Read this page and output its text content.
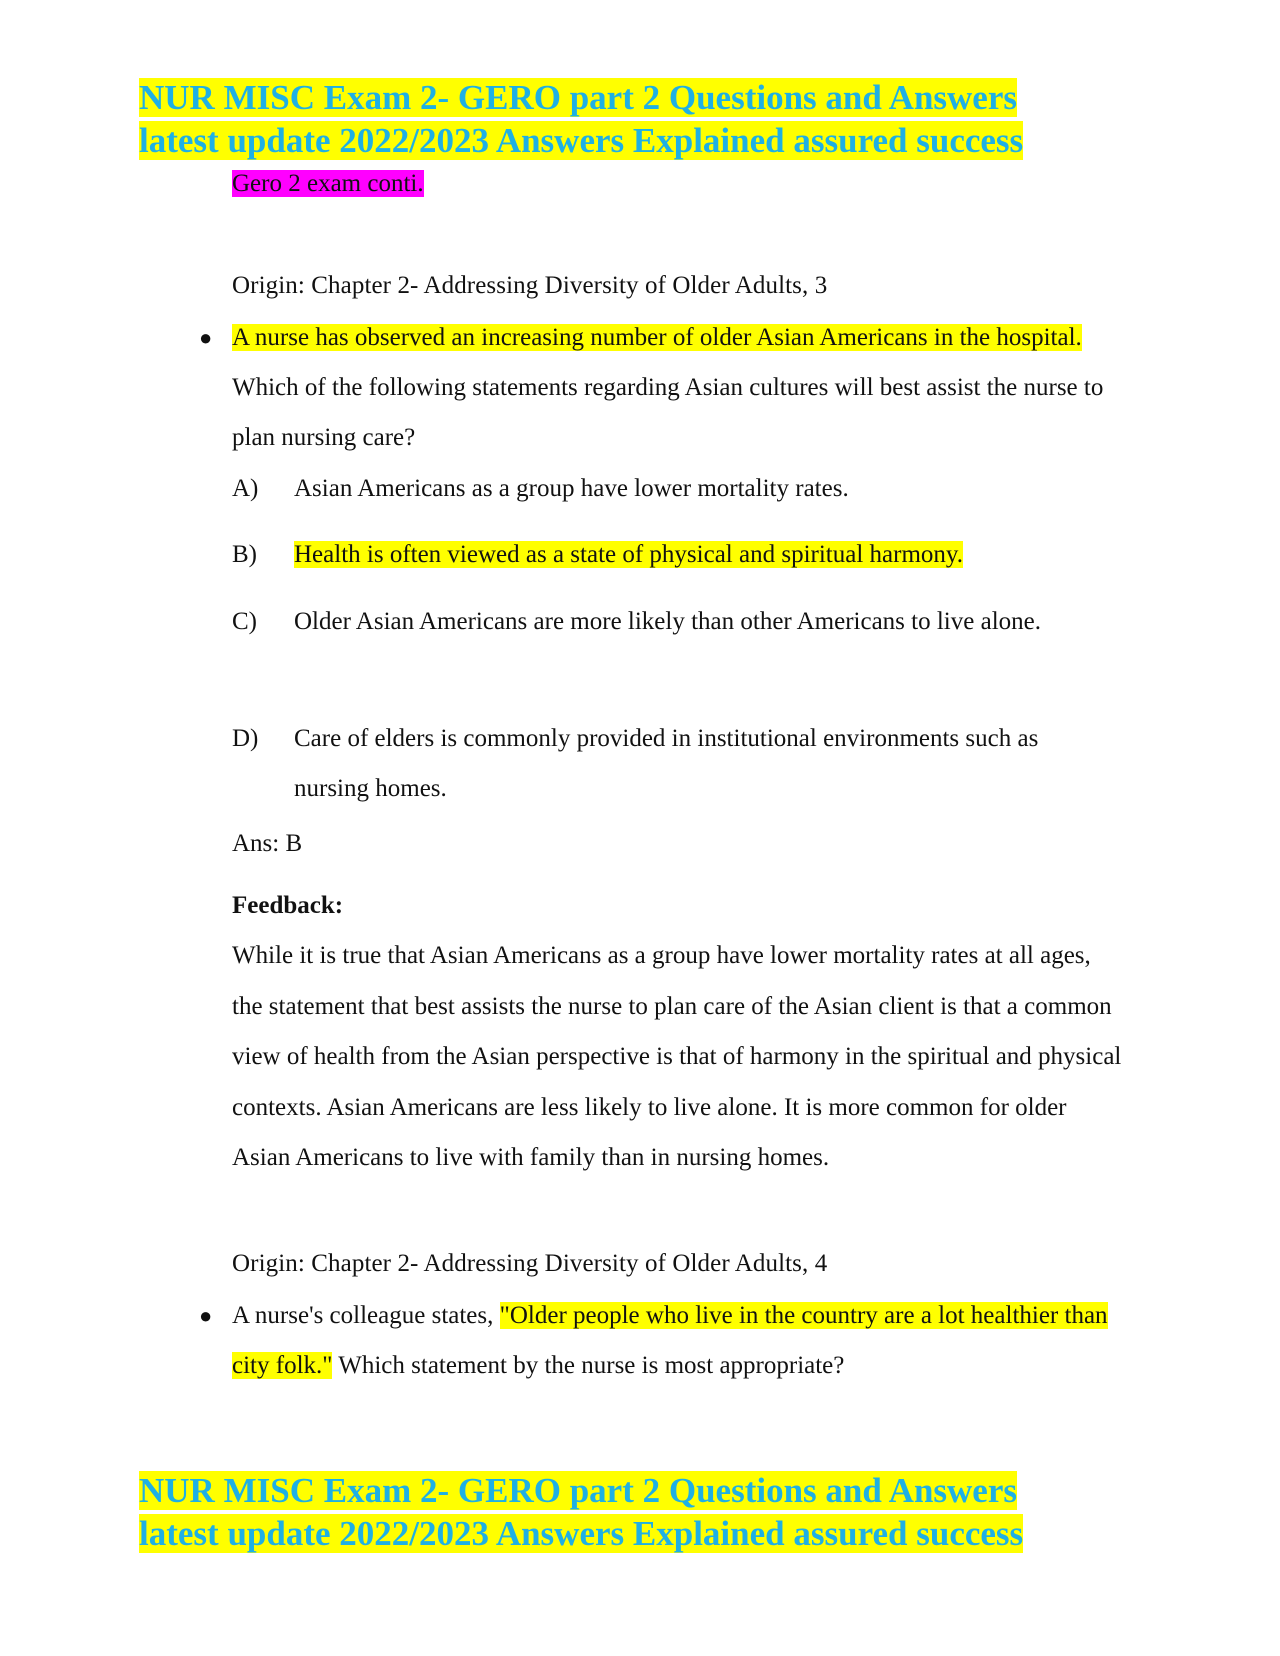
NUR MISC Exam 2- GERO part 2 Questions and Answers
latest update 2022/2023 Answers Explained assured success
Gero 2 exam conti.
Origin: Chapter 2- Addressing Diversity of Older Adults, 3
● A nurse has observed an increasing number of older Asian Americans in the hospital. Which of the following statements regarding Asian cultures will best assist the nurse to plan nursing care?
A) Asian Americans as a group have lower mortality rates.
B) Health is often viewed as a state of physical and spiritual harmony.
C) Older Asian Americans are more likely than other Americans to live alone.
D) Care of elders is commonly provided in institutional environments such as nursing homes.
Ans: B
Feedback:
While it is true that Asian Americans as a group have lower mortality rates at all ages, the statement that best assists the nurse to plan care of the Asian client is that a common view of health from the Asian perspective is that of harmony in the spiritual and physical contexts. Asian Americans are less likely to live alone. It is more common for older Asian Americans to live with family than in nursing homes.
Origin: Chapter 2- Addressing Diversity of Older Adults, 4
● A nurse's colleague states, "Older people who live in the country are a lot healthier than city folk." Which statement by the nurse is most appropriate?
NUR MISC Exam 2- GERO part 2 Questions and Answers
latest update 2022/2023 Answers Explained assured success
